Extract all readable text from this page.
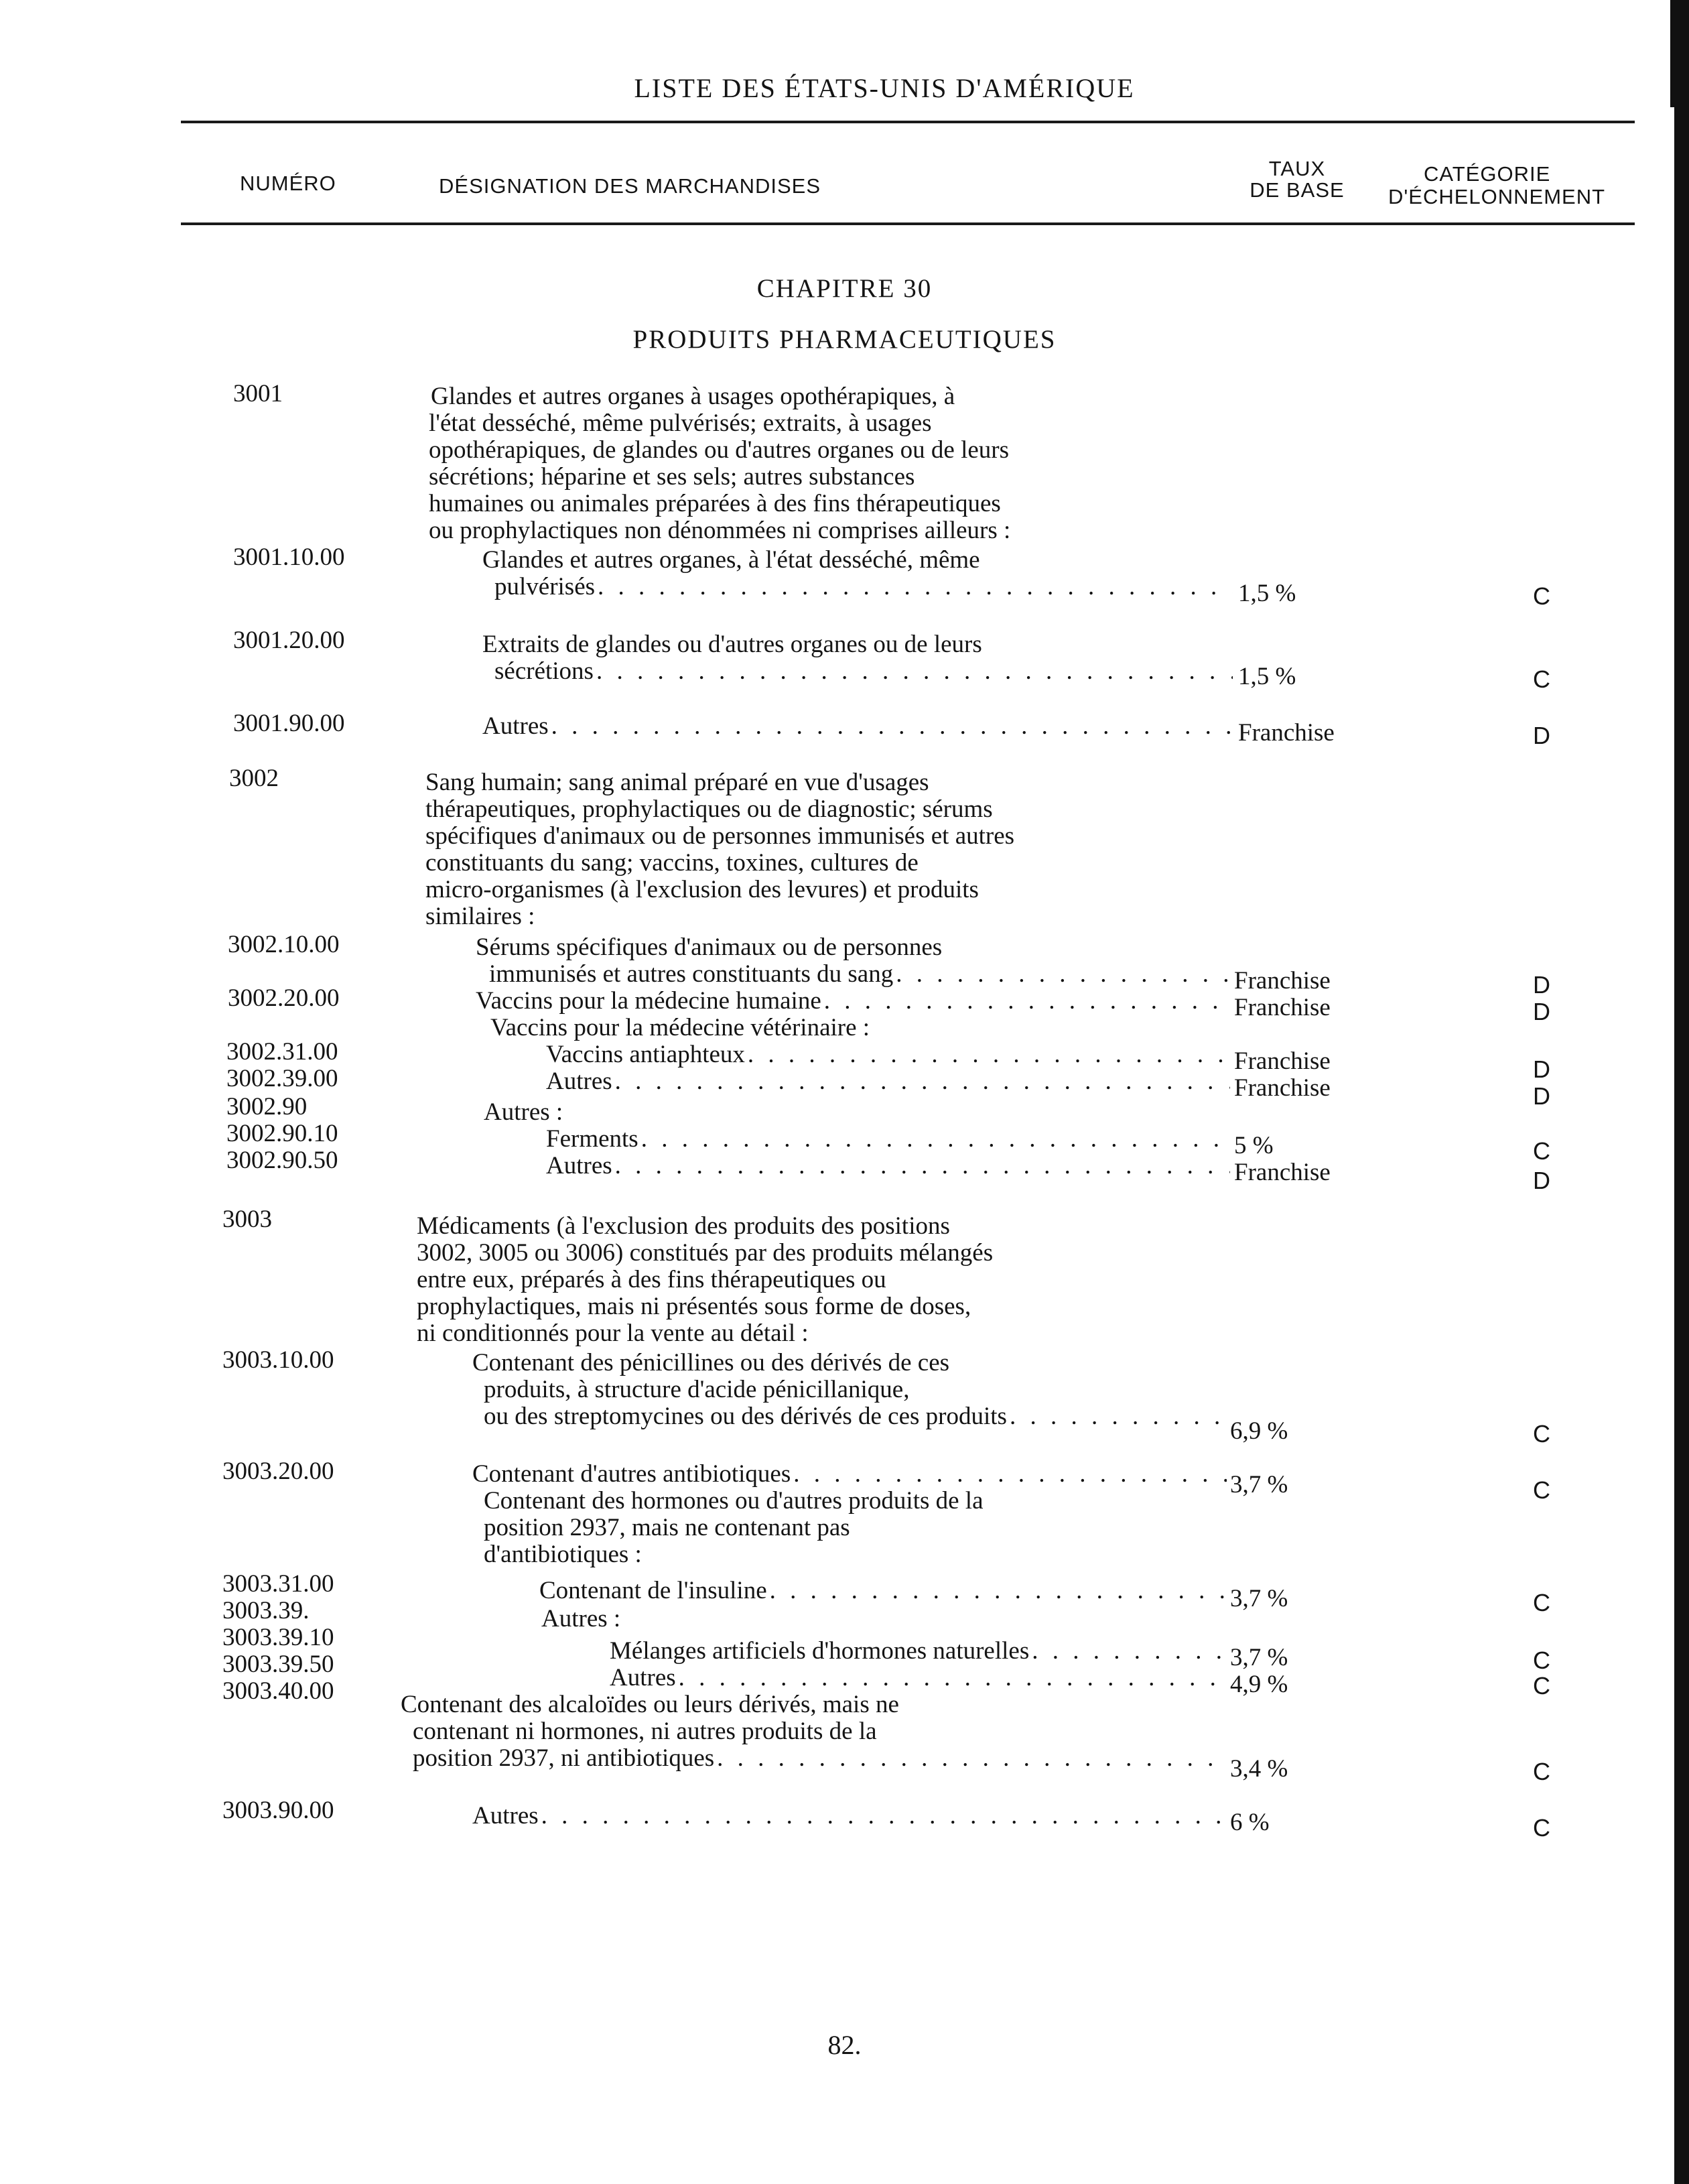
LISTE DES ÉTATS-UNIS D'AMÉRIQUE
NUMÉRO	DÉSIGNATION DES MARCHANDISES
TAUX
DE BASE
CATÉGORIE
D'ÉCHELONNEMENT
CHAPITRE 30
PRODUITS PHARMACEUTIQUES
3001	Glandes et autres organes à usages opothérapiques, à
l'état desséché, même pulvérisés; extraits, à usages
opothérapiques, de glandes ou d'autres organes ou de leurs
sécrétions; héparine et ses sels; autres substances
humaines ou animales préparées à des fins thérapeutiques
ou prophylactiques non dénommées ni comprises ailleurs :
3001.10.00	Glandes et autres organes, à l'état desséché, même
pulvérisés . . .	1,5 %	C
3001.20.00	Extraits de glandes ou d'autres organes ou de leurs
sécrétions . . .	1,5 %	C
3001.90.00	Autres . . .	Franchise	D
3002	Sang humain; sang animal préparé en vue d'usages
thérapeutiques, prophylactiques ou de diagnostic; sérums
spécifiques d'animaux ou de personnes immunisés et autres
constituants du sang; vaccins, toxines, cultures de
micro-organismes (à l'exclusion des levures) et produits
similaires :
3002.10.00	Sérums spécifiques d'animaux ou de personnes
immunisés et autres constituants du sang . . .	Franchise	D
3002.20.00	Vaccins pour la médecine humaine . . .	Franchise	D
Vaccins pour la médecine vétérinaire :
3002.31.00	Vaccins antiaphteux . . .	Franchise	D
3002.39.00	Autres . . .	Franchise	D
3002.90	Autres :
3002.90.10	Ferments . . .	5 %	C
3002.90.50	Autres . . .	Franchise	D
3003	Médicaments (à l'exclusion des produits des positions
3002, 3005 ou 3006) constitués par des produits mélangés
entre eux, préparés à des fins thérapeutiques ou
prophylactiques, mais ni présentés sous forme de doses,
ni conditionnés pour la vente au détail :
3003.10.00	Contenant des pénicillines ou des dérivés de ces
produits, à structure d'acide pénicillanique,
ou des streptomycines ou des dérivés de ces produits
. . .
6,9 %	C
3003.20.00	Contenant d'autres antibiotiques . . .	3,7 %	C
Contenant des hormones ou d'autres produits de la
position 2937, mais ne contenant pas
d'antibiotiques :
3003.31.00	Contenant de l'insuline . . .	3,7 %	C
3003.39.	Autres :
3003.39.10	Mélanges artificiels d'hormones naturelles . . .	3,7 %	C
3003.39.50	Autres . . .	4,9 %	C
3003.40.00	Contenant des alcaloïdes ou leurs dérivés, mais ne
contenant ni hormones, ni autres produits de la
position 2937, ni antibiotiques . . .	3,4 %	C
3003.90.00	Autres . . .	6 %	C
82.
